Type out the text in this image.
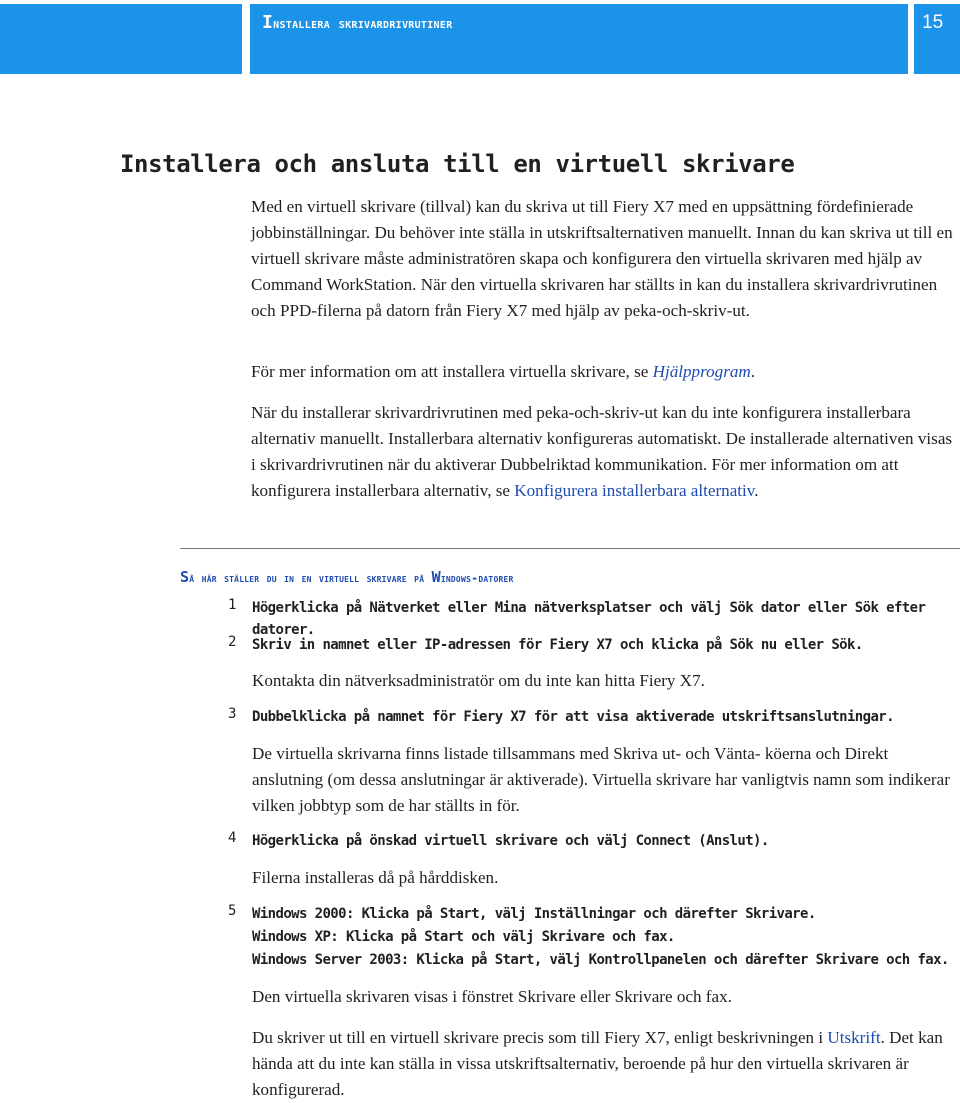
Installera skrivardrivrutiner	15
Installera och ansluta till en virtuell skrivare

Med en virtuell skrivare (tillval) kan du skriva ut till Fiery X7 med en uppsättning fördefinierade jobbinställningar. Du behöver inte ställa in utskriftsalternativen manuellt. Innan du kan skriva ut till en virtuell skrivare måste administratören skapa och konfigurera den virtuella skrivaren med hjälp av Command WorkStation. När den virtuella skrivaren har ställts in kan du installera skrivardrivrutinen och PPD-filerna på datorn från Fiery X7 med hjälp av peka-och-skriv-ut.

För mer information om att installera virtuella skrivare, se Hjälpprogram.

När du installerar skrivardrivrutinen med peka-och-skriv-ut kan du inte konfigurera installerbara alternativ manuellt. Installerbara alternativ konfigureras automatiskt. De installerade alternativen visas i skrivardrivrutinen när du aktiverar Dubbelriktad kommunikation. För mer information om att konfigurera installerbara alternativ, se Konfigurera installerbara alternativ.

Så här ställer du in en virtuell skrivare på Windows-datorer
1 Högerklicka på Nätverket eller Mina nätverksplatser och välj Sök dator eller Sök efter datorer.
2 Skriv in namnet eller IP-adressen för Fiery X7 och klicka på Sök nu eller Sök.
Kontakta din nätverksadministratör om du inte kan hitta Fiery X7.
3 Dubbelklicka på namnet för Fiery X7 för att visa aktiverade utskriftsanslutningar.
De virtuella skrivarna finns listade tillsammans med Skriva ut- och Vänta- köerna och Direkt anslutning (om dessa anslutningar är aktiverade). Virtuella skrivare har vanligtvis namn som indikerar vilken jobbtyp som de har ställts in för.
4 Högerklicka på önskad virtuell skrivare och välj Connect (Anslut).
Filerna installeras då på hårddisken.
5 Windows 2000: Klicka på Start, välj Inställningar och därefter Skrivare.
Windows XP: Klicka på Start och välj Skrivare och fax.
Windows Server 2003: Klicka på Start, välj Kontrollpanelen och därefter Skrivare och fax.
Den virtuella skrivaren visas i fönstret Skrivare eller Skrivare och fax.
Du skriver ut till en virtuell skrivare precis som till Fiery X7, enligt beskrivningen i Utskrift. Det kan hända att du inte kan ställa in vissa utskriftsalternativ, beroende på hur den virtuella skrivaren är konfigurerad.
